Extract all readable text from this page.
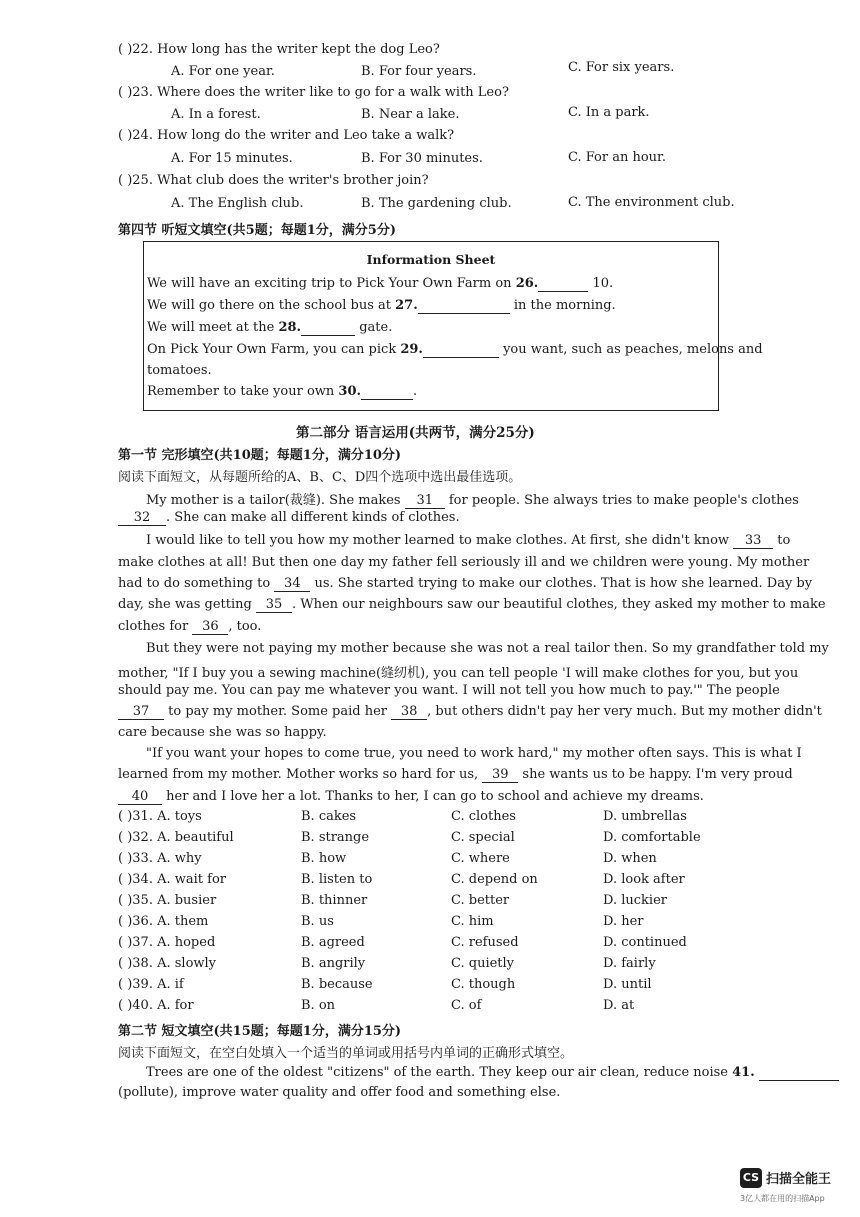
( )22. How long has the writer kept the dog Leo?
A. For one year.	B. For four years.	C. For six years.
( )23. Where does the writer like to go for a walk with Leo?
A. In a forest.	B. Near a lake.	C. In a park.
( )24. How long do the writer and Leo take a walk?
A. For 15 minutes.	B. For 30 minutes.	C. For an hour.
( )25. What club does the writer's brother join?
A. The English club.	B. The gardening club.	C. The environment club.
第四节 听短文填空(共5题；每题1分，满分5分)
Information Sheet
We will have an exciting trip to Pick Your Own Farm on 26.	10.
We will go there on the school bus at 27.	in the morning.
We will meet at the 28.	gate.
On Pick Your Own Farm, you can pick 29.	you want, such as peaches, melons and
tomatoes.
Remember to take your own 30.	.
第二部分 语言运用(共两节，满分25分)
第一节 完形填空(共10题；每题1分，满分10分)
阅读下面短文，从每题所给的A、B、C、D四个选项中选出最佳选项。
My mother is a tailor(裁缝). She makes 31 for people. She always tries to make people's clothes
32 . She can make all different kinds of clothes.
I would like to tell you how my mother learned to make clothes. At first, she didn't know 33 to
make clothes at all! But then one day my father fell seriously ill and we children were young. My mother
had to do something to 34 us. She started trying to make our clothes. That is how she learned. Day by
day, she was getting 35 . When our neighbours saw our beautiful clothes, they asked my mother to make
clothes for 36 , too.
But they were not paying my mother because she was not a real tailor then. So my grandfather told my
mother, "If I buy you a sewing machine(缝纫机), you can tell people 'I will make clothes for you, but you
should pay me. You can pay me whatever you want. I will not tell you how much to pay.'" The people
37 to pay my mother. Some paid her 38 , but others didn't pay her very much. But my mother didn't
care because she was so happy.
"If you want your hopes to come true, you need to work hard," my mother often says. This is what I
learned from my mother. Mother works so hard for us, 39 she wants us to be happy. I'm very proud
40 her and I love her a lot. Thanks to her, I can go to school and achieve my dreams.
( )31. A. toys	B. cakes	C. clothes	D. umbrellas
( )32. A. beautiful	B. strange	C. special	D. comfortable
( )33. A. why	B. how	C. where	D. when
( )34. A. wait for	B. listen to	C. depend on	D. look after
( )35. A. busier	B. thinner	C. better	D. luckier
( )36. A. them	B. us	C. him	D. her
( )37. A. hoped	B. agreed	C. refused	D. continued
( )38. A. slowly	B. angrily	C. quietly	D. fairly
( )39. A. if	B. because	C. though	D. until
( )40. A. for	B. on	C. of	D. at
第二节 短文填空(共15题；每题1分，满分15分)
阅读下面短文，在空白处填入一个适当的单词或用括号内单词的正确形式填空。
Trees are one of the oldest "citizens" of the earth. They keep our air clean, reduce noise 41.
(pollute), improve water quality and offer food and something else.
CS 扫描全能王
3亿人都在用的扫描App
